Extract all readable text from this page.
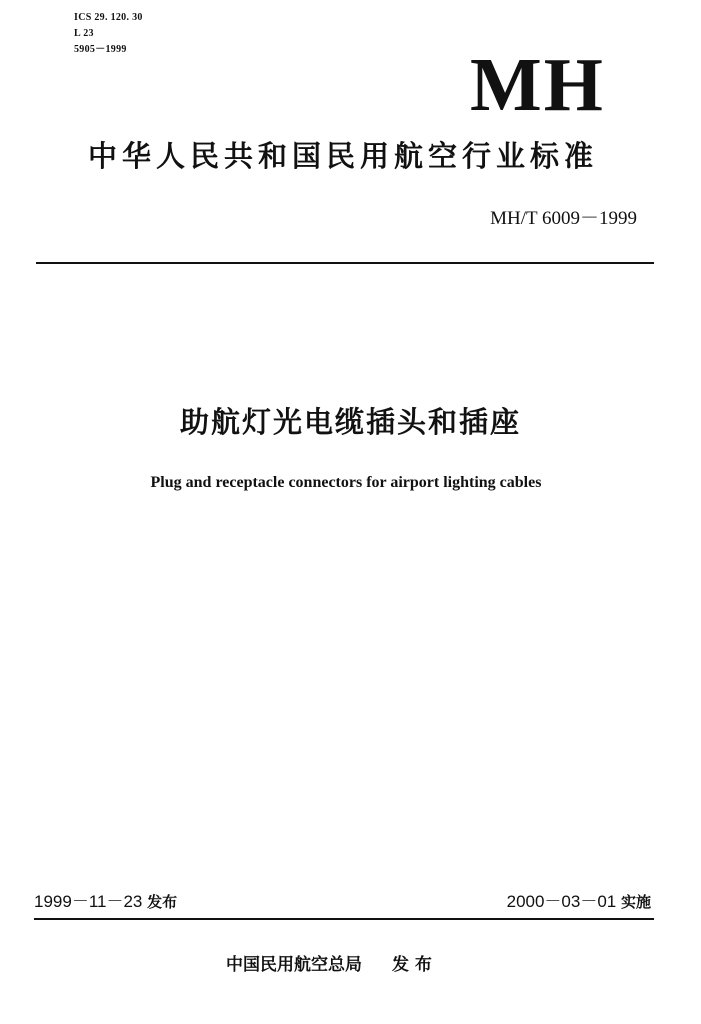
ICS 29. 120. 30
L 23
5905－1999	MH
中华人民共和国民用航空行业标准
MH/T 6009－1999
助航灯光电缆插头和插座
Plug and receptacle connectors for airport lighting cables
1999－11－23 发布	2000－03－01 实施
中国民用航空总局 发 布
